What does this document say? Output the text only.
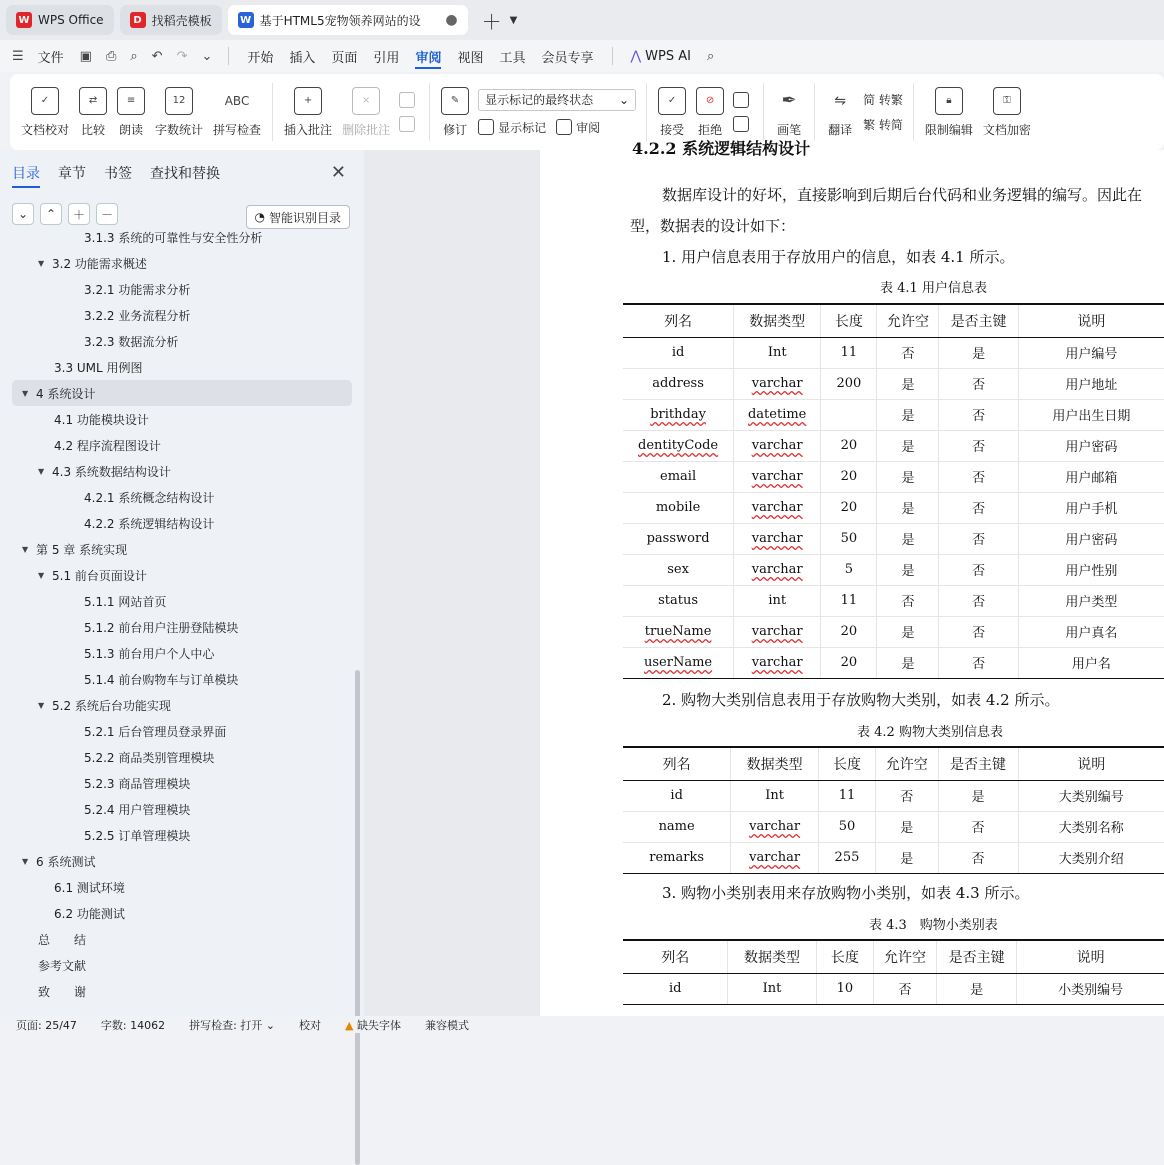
W WPS Office	D 找稻壳模板	W 基于HTML5宠物领养网站的设	● ＋ ▼
☰ 文件 ▣ ⎙ ⌕ ↶ ↷ ⌄	开始 插入 页面 引用 审阅 视图 工具 会员专享	⋀ WPS AI ⌕
✓
文档校对
⇄
比较
≡
朗读
12
字数统计
ABC
拼写检查
+
插入批注
×
删除批注
✎
修订
显示标记的最终状态 ⌄
显示标记	审阅
✓
接受
⊘
拒绝
✒
画笔
⇋
翻译
简 转繁
繁 转简
🔒︎
限制编辑
⚿
文档加密
目录 章节 书签 查找和替换	✕
⌄	⌃	＋	－	◔ 智能识别目录
3.1.3 系统的可靠性与安全性分析
▼ 3.2 功能需求概述
3.2.1 功能需求分析
3.2.2 业务流程分析
3.2.3 数据流分析
3.3 UML 用例图
▼ 4 系统设计
4.1 功能模块设计
4.2 程序流程图设计
▼ 4.3 系统数据结构设计
4.2.1 系统概念结构设计
4.2.2 系统逻辑结构设计
▼ 第 5 章 系统实现
▼ 5.1 前台页面设计
5.1.1 网站首页
5.1.2 前台用户注册登陆模块
5.1.3 前台用户个人中心
5.1.4 前台购物车与订单模块
▼ 5.2 系统后台功能实现
5.2.1 后台管理员登录界面
5.2.2 商品类别管理模块
5.2.3 商品管理模块
5.2.4 用户管理模块
5.2.5 订单管理模块
▼ 6 系统测试
6.1 测试环境
6.2 功能测试
总　　结
参考文献
致　　谢
4.2.2 系统逻辑结构设计
数据库设计的好坏，直接影响到后期后台代码和业务逻辑的编写。因此在
型，数据表的设计如下：
1. 用户信息表用于存放用户的信息，如表 4.1 所示。
表 4.1 用户信息表
列名	数据类型	长度	允许空	是否主键	说明
id	Int	11	否	是	用户编号
address	varchar	200	是	否	用户地址
brithday	datetime		是	否	用户出生日期
dentityCode	varchar	20	是	否	用户密码
email	varchar	20	是	否	用户邮箱
mobile	varchar	20	是	否	用户手机
password	varchar	50	是	否	用户密码
sex	varchar	5	是	否	用户性别
status	int	11	否	否	用户类型
trueName	varchar	20	是	否	用户真名
userName	varchar	20	是	否	用户名
2. 购物大类别信息表用于存放购物大类别，如表 4.2 所示。
表 4.2 购物大类别信息表
列名	数据类型	长度	允许空	是否主键	说明
id	Int	11	否	是	大类别编号
name	varchar	50	是	否	大类别名称
remarks	varchar	255	是	否	大类别介绍
3. 购物小类别表用来存放购物小类别，如表 4.3 所示。
表 4.3　购物小类别表
列名	数据类型	长度	允许空	是否主键	说明
id	Int	10	否	是	小类别编号
页面: 25/47 字数: 14062 拼写检查: 打开 ⌄ 校对 ▲ 缺失字体 兼容模式
